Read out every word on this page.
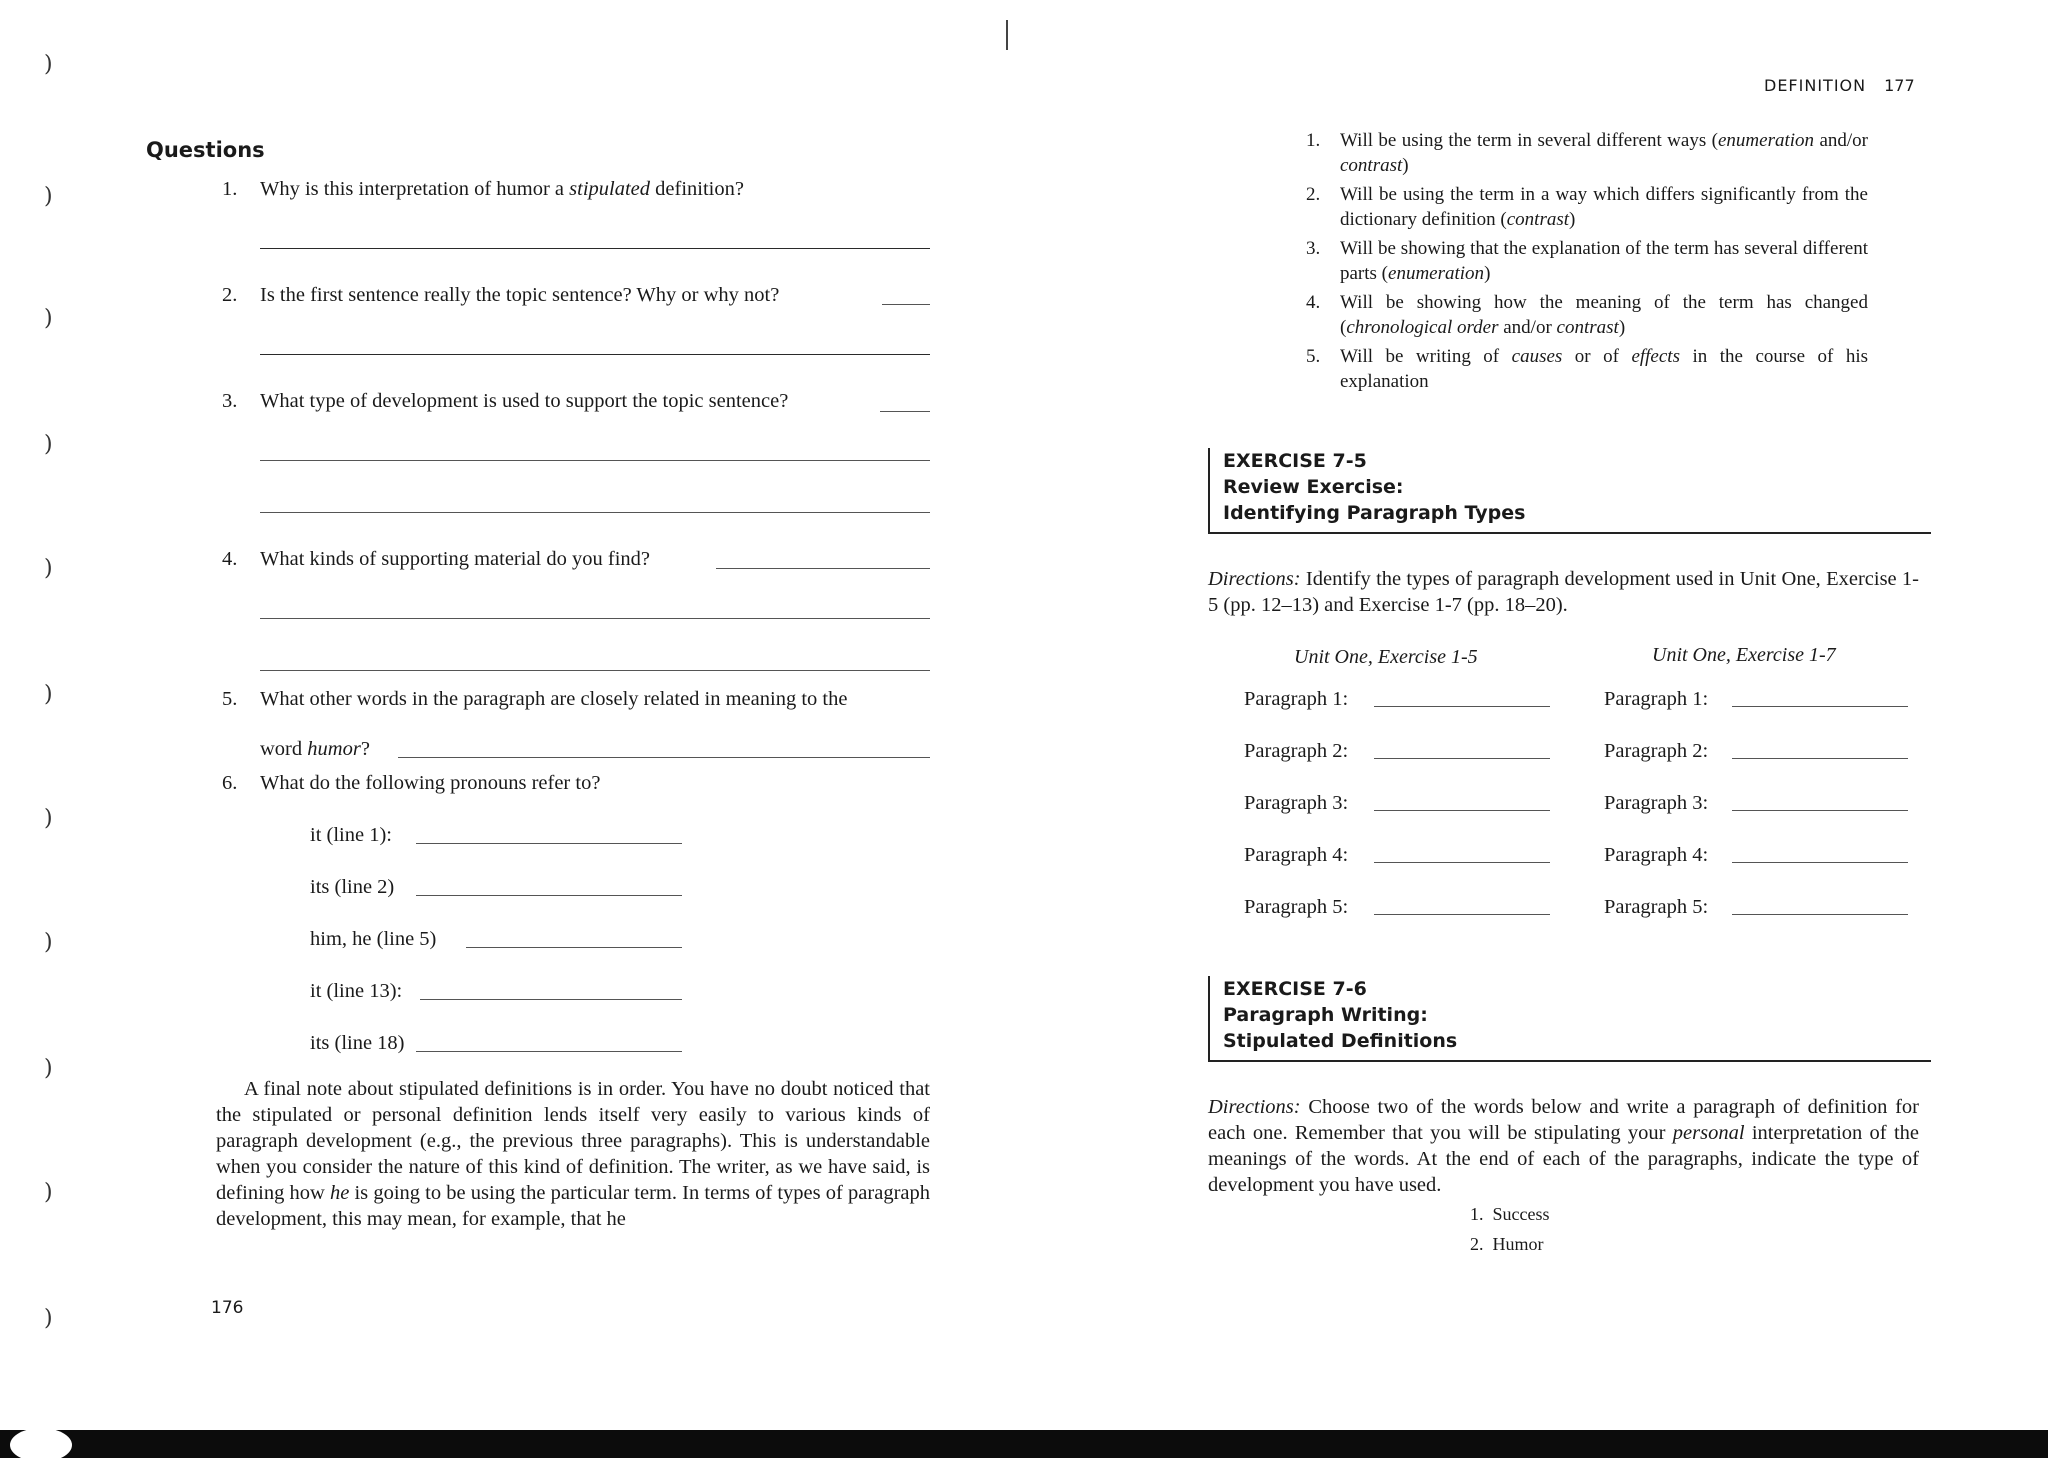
Questions
1. Why is this interpretation of humor a stipulated definition?
2. Is the first sentence really the topic sentence? Why or why not?
3. What type of development is used to support the topic sentence?
4. What kinds of supporting material do you find?
5. What other words in the paragraph are closely related in meaning to the
word humor?
6. What do the following pronouns refer to?
it (line 1):
its (line 2)
him, he (line 5)
it (line 13):
its (line 18)

A final note about stipulated definitions is in order. You have no doubt noticed that the stipulated or personal definition lends itself very easily to various kinds of paragraph development (e.g., the previous three paragraphs). This is understandable when you consider the nature of this kind of definition. The writer, as we have said, is defining how he is going to be using the particular term. In terms of types of paragraph development, this may mean, for example, that he

176
DEFINITION 177
1. Will be using the term in several different ways (enumeration and/or contrast)
2. Will be using the term in a way which differs significantly from the dictionary definition (contrast)
3. Will be showing that the explanation of the term has several different parts (enumeration)
4. Will be showing how the meaning of the term has changed (chronological order and/or contrast)
5. Will be writing of causes or of effects in the course of his explanation
EXERCISE 7-5
Review Exercise:
Identifying Paragraph Types
Directions: Identify the types of paragraph development used in Unit One, Exercise 1-5 (pp. 12–13) and Exercise 1-7 (pp. 18–20).
Unit One, Exercise 1-5	Unit One, Exercise 1-7
Paragraph 1:
Paragraph 2:
Paragraph 3:
Paragraph 4:
Paragraph 5:
Paragraph 1:
Paragraph 2:
Paragraph 3:
Paragraph 4:
Paragraph 5:
EXERCISE 7-6
Paragraph Writing:
Stipulated Definitions
Directions: Choose two of the words below and write a paragraph of definition for each one. Remember that you will be stipulating your personal interpretation of the meanings of the words. At the end of each of the paragraphs, indicate the type of development you have used.
1. Success
2. Humor
)
)
)
)
)
)
)
)
)
)
)
